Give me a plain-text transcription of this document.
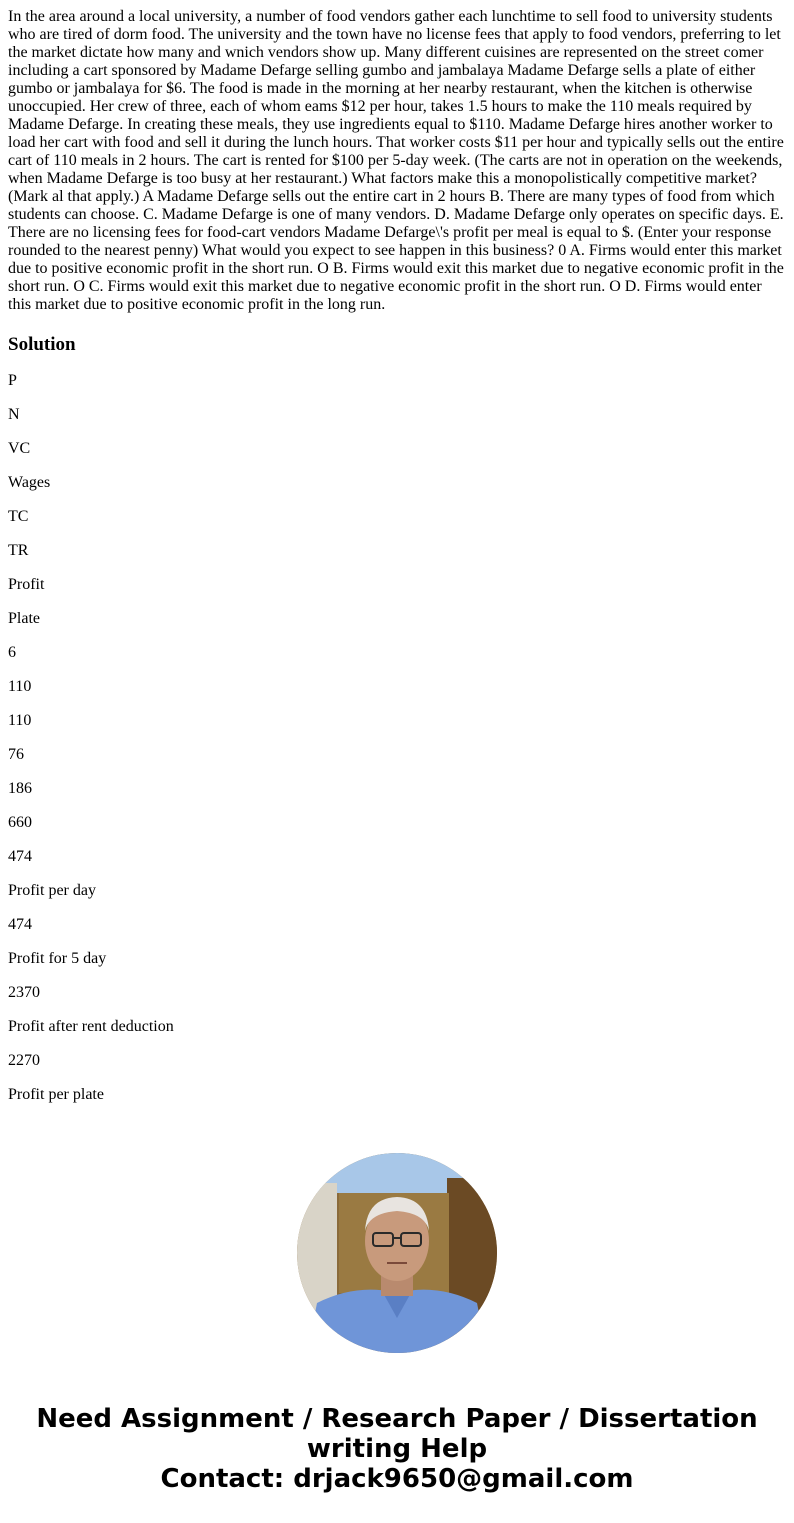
In the area around a local university, a number of food vendors gather each lunchtime to sell food to university students who are tired of dorm food. The university and the town have no license fees that apply to food vendors, preferring to let the market dictate how many and wnich vendors show up. Many different cuisines are represented on the street comer including a cart sponsored by Madame Defarge selling gumbo and jambalaya Madame Defarge sells a plate of either gumbo or jambalaya for $6. The food is made in the morning at her nearby restaurant, when the kitchen is otherwise unoccupied. Her crew of three, each of whom eams $12 per hour, takes 1.5 hours to make the 110 meals required by Madame Defarge. In creating these meals, they use ingredients equal to $110. Madame Defarge hires another worker to load her cart with food and sell it during the lunch hours. That worker costs $11 per hour and typically sells out the entire cart of 110 meals in 2 hours. The cart is rented for $100 per 5-day week. (The carts are not in operation on the weekends, when Madame Defarge is too busy at her restaurant.) What factors make this a monopolistically competitive market? (Mark al that apply.) A Madame Defarge sells out the entire cart in 2 hours B. There are many types of food from which students can choose. C. Madame Defarge is one of many vendors. D. Madame Defarge only operates on specific days. E. There are no licensing fees for food-cart vendors Madame Defarge\'s profit per meal is equal to $. (Enter your response rounded to the nearest penny) What would you expect to see happen in this business? 0 A. Firms would enter this market due to positive economic profit in the short run. O B. Firms would exit this market due to negative economic profit in the short run. O C. Firms would exit this market due to negative economic profit in the short run. O D. Firms would enter this market due to positive economic profit in the long run.

Solution
P
N
VC
Wages
TC
TR
Profit
Plate
6
110
110
76
186
660
474
Profit per day
474
Profit for 5 day
2370
Profit after rent deduction
2270
Profit per plate
Need Assignment / Research Paper / Dissertation
writing Help
Contact: drjack9650@gmail.com
